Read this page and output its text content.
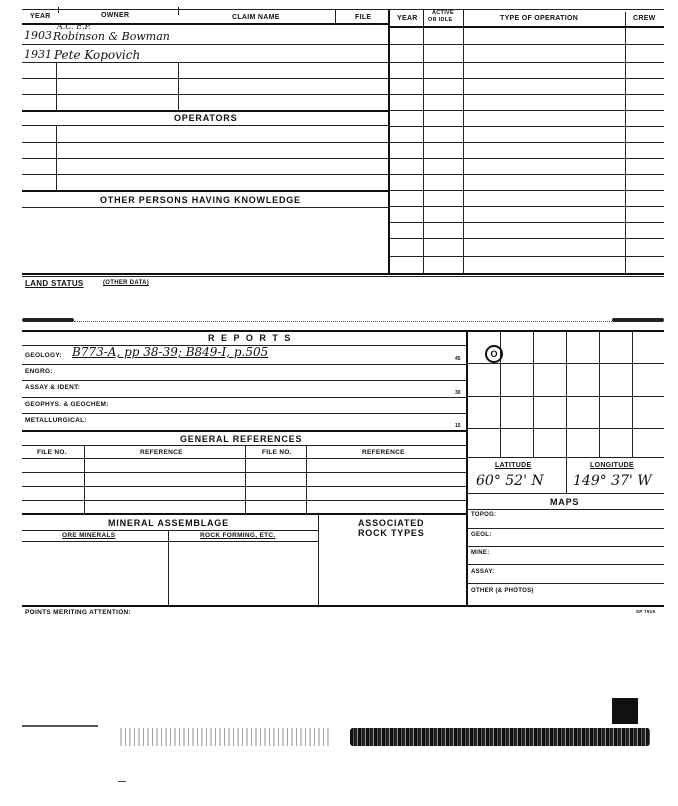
YEAR	OWNER	CLAIM NAME	FILE	YEAR
ACTIVE
OR IDLE	TYPE OF OPERATION	CREW
A.C. E.P.
1903 Robinson & Bowman
1931 Pete Kopovich
OPERATORS
OTHER PERSONS HAVING KNOWLEDGE
LAND STATUS	(OTHER DATA)
R E P O R T S
GEOLOGY: B773-A, pp 38-39; B849-I, p.505
ENGRG:
ASSAY & IDENT:
GEOPHYS. & GEOCHEM:
METALLURGICAL:
45
30
15
GENERAL REFERENCES
FILE NO.	REFERENCE	FILE NO.	REFERENCE
MINERAL ASSEMBLAGE	ASSOCIATED
ROCK TYPES
ORE MINERALS	ROCK FORMING, ETC.
O
LATITUDE	LONGITUDE
60° 52' N 149° 37' W
MAPS
TOPOG:
GEOL:
MINE:
ASSAY:
OTHER (& PHOTOS)
POINTS MERITING ATTENTION:	SP 7919
